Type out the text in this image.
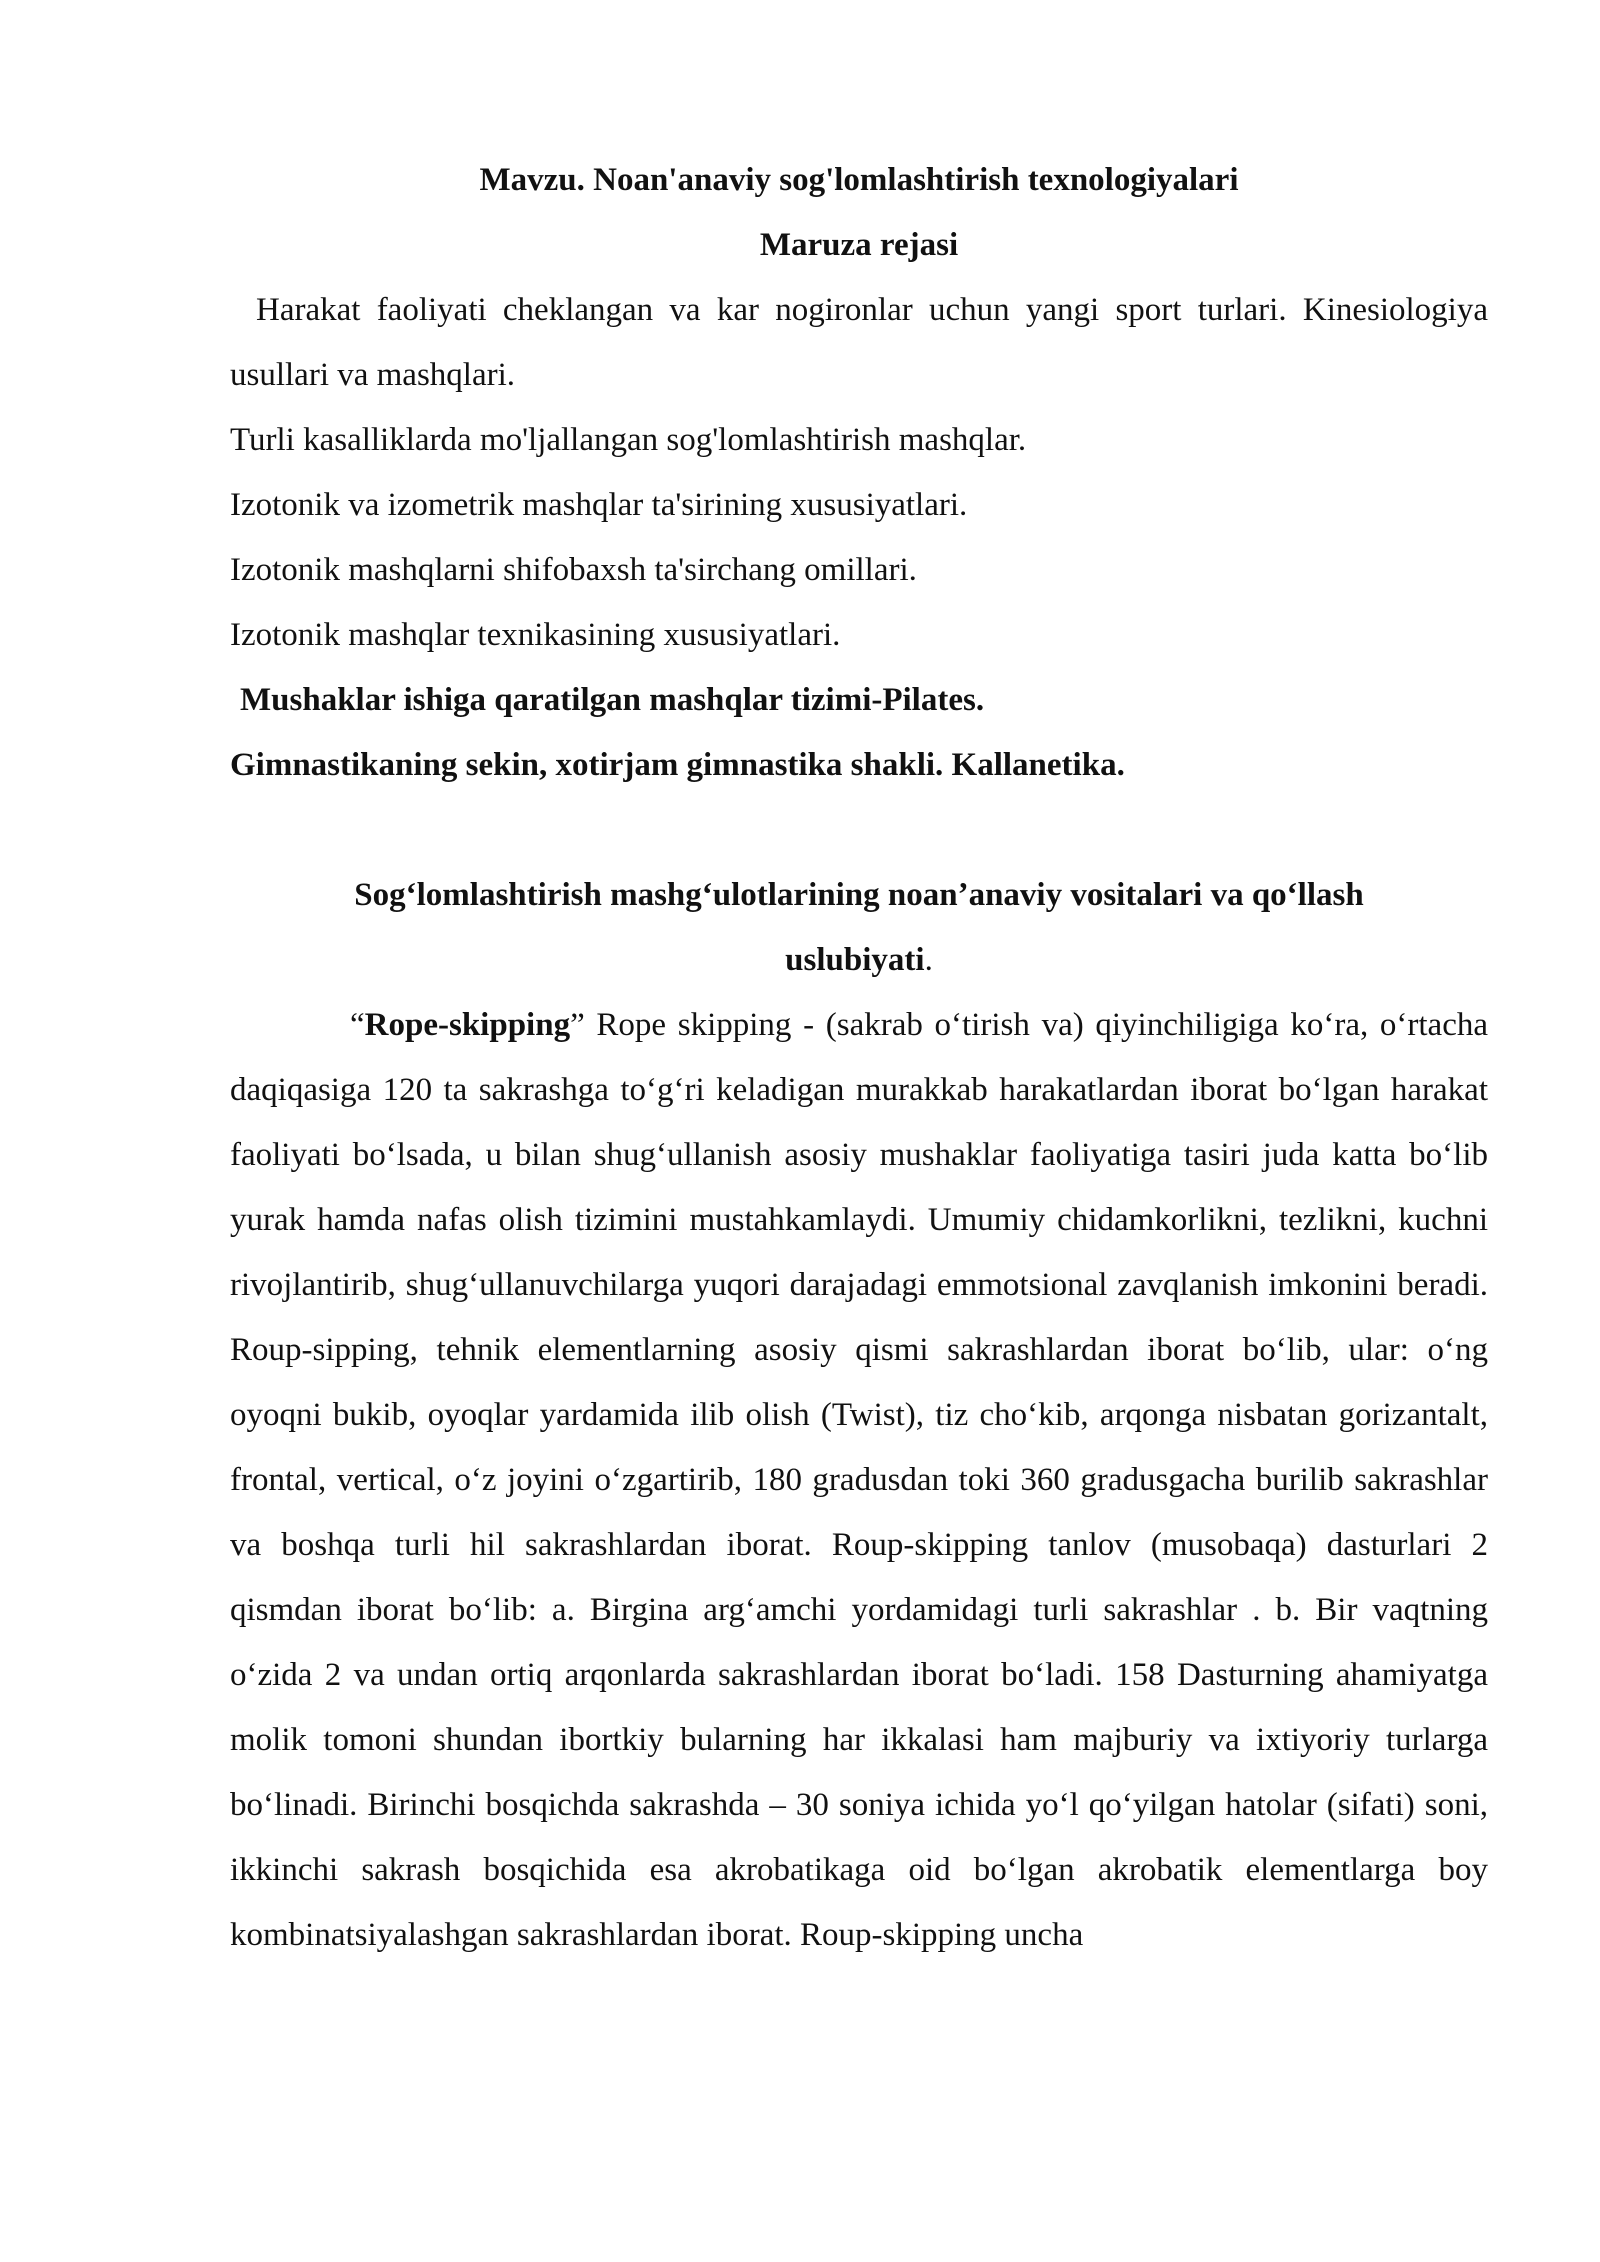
Mavzu. Noan'anaviy sog'lomlashtirish texnologiyalari

Maruza rejasi

Harakat faoliyati cheklangan va kar nogironlar uchun yangi sport turlari. Kinesiologiya usullari va mashqlari.

Turli kasalliklarda mo'ljallangan sog'lomlashtirish mashqlar.

Izotonik va izometrik mashqlar ta'sirining xususiyatlari.

Izotonik mashqlarni shifobaxsh ta'sirchang omillari.

Izotonik mashqlar texnikasining xususiyatlari.

Mushaklar ishiga qaratilgan mashqlar tizimi-Pilates.

Gimnastikaning sekin, xotirjam gimnastika shakli. Kallanetika.

Sogʻlomlashtirish mashgʻulotlarining noanʼanaviy vositalari va qoʻllash uslubiyati.

“Rope-skipping” Rope skipping - (sakrab oʻtirish va) qiyinchiligiga koʻra, oʻrtacha daqiqasiga 120 ta sakrashga toʻgʻri keladigan murakkab harakatlardan iborat boʻlgan harakat faoliyati boʻlsada, u bilan shugʻullanish asosiy mushaklar faoliyatiga tasiri juda katta boʻlib yurak hamda nafas olish tizimini mustahkamlaydi. Umumiy chidamkorlikni, tezlikni, kuchni rivojlantirib, shugʻullanuvchilarga yuqori darajadagi emmotsional zavqlanish imkonini beradi. Roup-sipping, tehnik elementlarning asosiy qismi sakrashlardan iborat boʻlib, ular: oʻng oyoqni bukib, oyoqlar yardamida ilib olish (Twist), tiz choʻkib, arqonga nisbatan gorizantalt, frontal, vertical, oʻz joyini oʻzgartirib, 180 gradusdan toki 360 gradusgacha burilib sakrashlar va boshqa turli hil sakrashlardan iborat. Roup-skipping tanlov (musobaqa) dasturlari 2 qismdan iborat boʻlib: a. Birgina argʻamchi yordamidagi turli sakrashlar . b. Bir vaqtning oʻzida 2 va undan ortiq arqonlarda sakrashlardan iborat boʻladi. 158 Dasturning ahamiyatga molik tomoni shundan ibortkiy bularning har ikkalasi ham majburiy va ixtiyoriy turlarga boʻlinadi. Birinchi bosqichda sakrashda – 30 soniya ichida yoʻl qoʻyilgan hatolar (sifati) soni, ikkinchi sakrash bosqichida esa akrobatikaga oid boʻlgan akrobatik elementlarga boy kombinatsiyalashgan sakrashlardan iborat. Roup-skipping uncha
